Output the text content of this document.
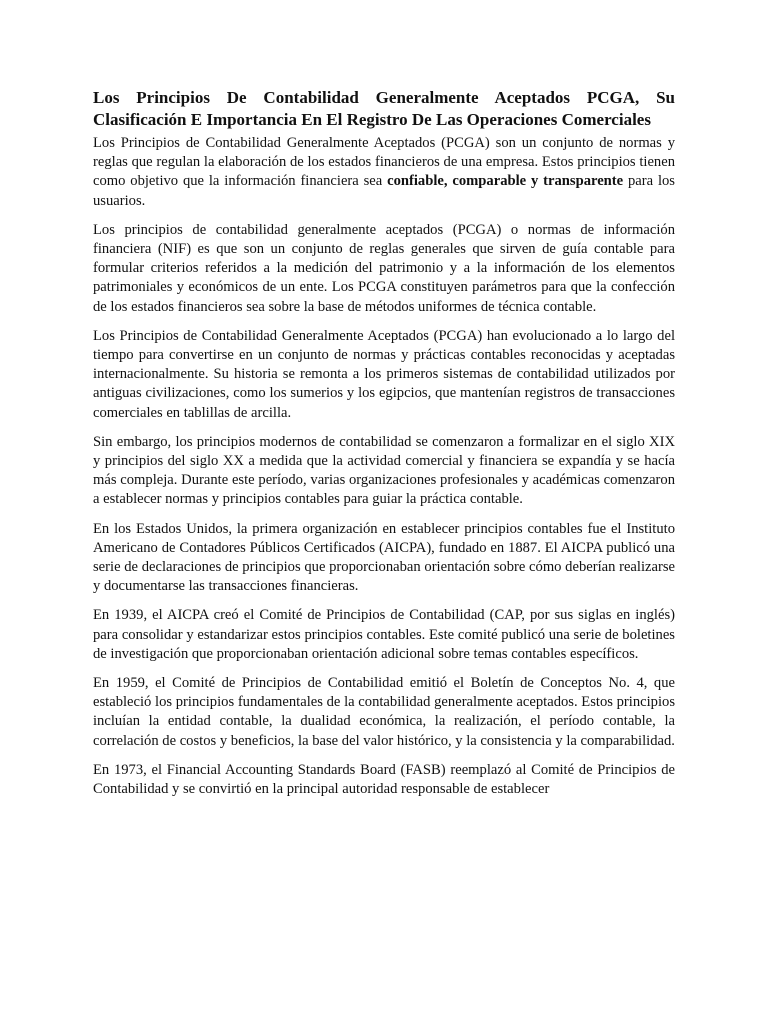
Los Principios De Contabilidad Generalmente Aceptados PCGA, Su Clasificación E Importancia En El Registro De Las Operaciones Comerciales

Los Principios de Contabilidad Generalmente Aceptados (PCGA) son un conjunto de normas y reglas que regulan la elaboración de los estados financieros de una empresa. Estos principios tienen como objetivo que la información financiera sea confiable, comparable y transparente para los usuarios.

Los principios de contabilidad generalmente aceptados (PCGA) o normas de información financiera (NIF) es que son un conjunto de reglas generales que sirven de guía contable para formular criterios referidos a la medición del patrimonio y a la información de los elementos patrimoniales y económicos de un ente. Los PCGA constituyen parámetros para que la confección de los estados financieros sea sobre la base de métodos uniformes de técnica contable.

Los Principios de Contabilidad Generalmente Aceptados (PCGA) han evolucionado a lo largo del tiempo para convertirse en un conjunto de normas y prácticas contables reconocidas y aceptadas internacionalmente. Su historia se remonta a los primeros sistemas de contabilidad utilizados por antiguas civilizaciones, como los sumerios y los egipcios, que mantenían registros de transacciones comerciales en tablillas de arcilla.

Sin embargo, los principios modernos de contabilidad se comenzaron a formalizar en el siglo XIX y principios del siglo XX a medida que la actividad comercial y financiera se expandía y se hacía más compleja. Durante este período, varias organizaciones profesionales y académicas comenzaron a establecer normas y principios contables para guiar la práctica contable.

En los Estados Unidos, la primera organización en establecer principios contables fue el Instituto Americano de Contadores Públicos Certificados (AICPA), fundado en 1887. El AICPA publicó una serie de declaraciones de principios que proporcionaban orientación sobre cómo deberían realizarse y documentarse las transacciones financieras.

En 1939, el AICPA creó el Comité de Principios de Contabilidad (CAP, por sus siglas en inglés) para consolidar y estandarizar estos principios contables. Este comité publicó una serie de boletines de investigación que proporcionaban orientación adicional sobre temas contables específicos.

En 1959, el Comité de Principios de Contabilidad emitió el Boletín de Conceptos No. 4, que estableció los principios fundamentales de la contabilidad generalmente aceptados. Estos principios incluían la entidad contable, la dualidad económica, la realización, el período contable, la correlación de costos y beneficios, la base del valor histórico, y la consistencia y la comparabilidad.

En 1973, el Financial Accounting Standards Board (FASB) reemplazó al Comité de Principios de Contabilidad y se convirtió en la principal autoridad responsable de establecer
